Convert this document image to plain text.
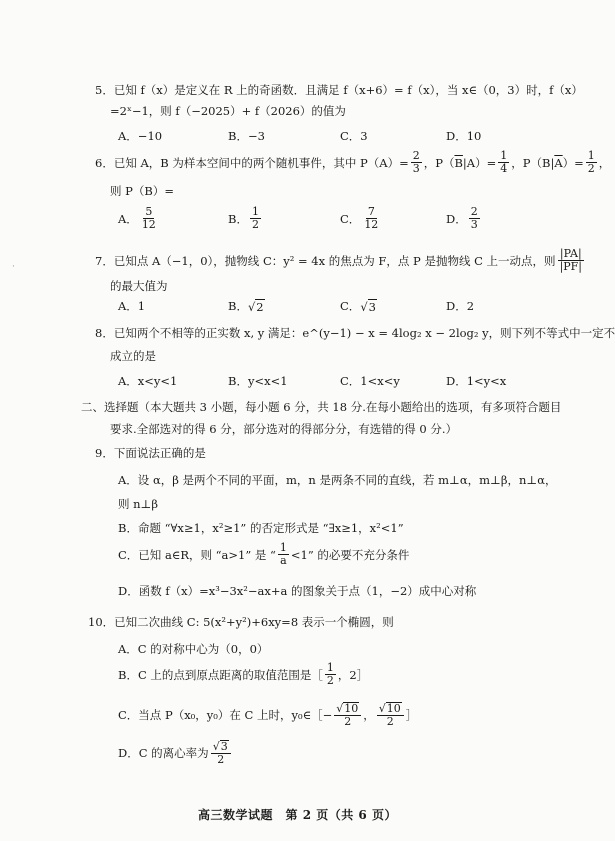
·
5．已知 f（x）是定义在 R 上的奇函数．且满足 f（x+6）= f（x），当 x∈（0，3）时，f（x）
=2ˣ−1，则 f（−2025）+ f（2026）的值为
A．−10	B．−3	C．3	D．10
6．已知 A，B 为样本空间中的两个随机事件，其中 $P(A)= \frac{2}{3}$ ，P（ $\overline{B}$ $|A)= \frac{1}{4}$ ，P（B| $\overline{A}$ ）= $\frac{1}{2}$ ，
则 P（B）=
A． $\frac{5}{12}$	B． $\frac{1}{2}$	C． $\frac{7}{12}$	D． $\frac{2}{3}$
7．已知点 A（−1，0），抛物线 C：y² = 4x 的焦点为 F，点 P 是抛物线 C 上一动点，则 $\frac{|PA|}{|PF|}$
的最大值为
A．1	B． √ 2	C． √ 3	D．2
8．已知两个不相等的正实数 x, y 满足：e^(y−1) − x = 4log₂ x − 2log₂ y，则下列不等式中一定不
成立的是
A．x<y<1	B．y<x<1	C．1<x<y	D．1<y<x
二、选择题（本大题共 3 小题，每小题 6 分，共 18 分.在每小题给出的选项，有多项符合题目
要求.全部选对的得 6 分，部分选对的得部分分，有选错的得 0 分.）
9．下面说法正确的是
A．设 α，β 是两个不同的平面，m，n 是两条不同的直线，若 m⊥α，m⊥β，n⊥α，
则 n⊥β
B．命题 “∀x≥1，x²≥1” 的否定形式是 “∃x≥1，x²<1”
C．已知 a∈R，则 “a>1” 是 “ $\frac{1}{a} <1$” 的必要不充分条件
D．函数 f（x）=x³−3x²−ax+a 的图象关于点（1，−2）成中心对称
10．已知二次曲线 C: 5(x²+y²)+6xy=8 表示一个椭圆，则
A．C 的对称中心为（0，0）
B．C 上的点到原点距离的取值范围是［ $\frac{1}{2}$ ，2］
C．当点 P（x₀，y₀）在 C 上时，y₀∈［− $\frac{√ 10}{2}$ ， $\frac{√ 10}{2}$ ］
D．C 的离心率为 $\frac{√ 3}{2}$
高三数学试题　第 2 页（共 6 页）
